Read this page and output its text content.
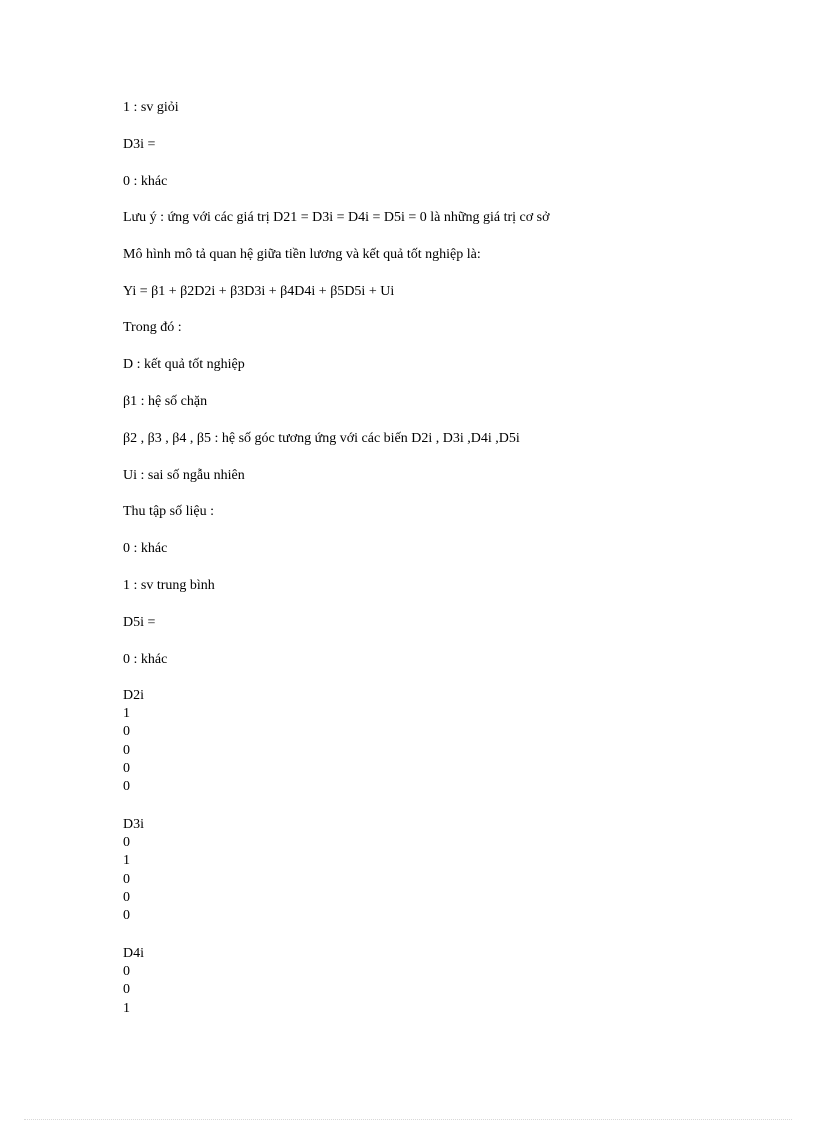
1 : sv giỏi
D3i =
0 : khác
Lưu ý : ứng với các giá trị D21 = D3i = D4i = D5i = 0 là những giá trị cơ sở
Mô hình mô tả quan hệ giữa tiền lương và kết quả tốt nghiệp là:
Yi = β1 + β2D2i + β3D3i + β4D4i + β5D5i + Ui
Trong đó :
D : kết quả tốt nghiệp
β1 : hệ số chặn
β2 , β3 , β4 , β5 : hệ số góc tương ứng với các biến D2i , D3i ,D4i ,D5i
Ui : sai số ngẫu nhiên
Thu tập số liệu :
0 : khác
1 : sv trung bình
D5i =
0 : khác
D2i
1
0
0
0
0
D3i
0
1
0
0
0
D4i
0
0
1
